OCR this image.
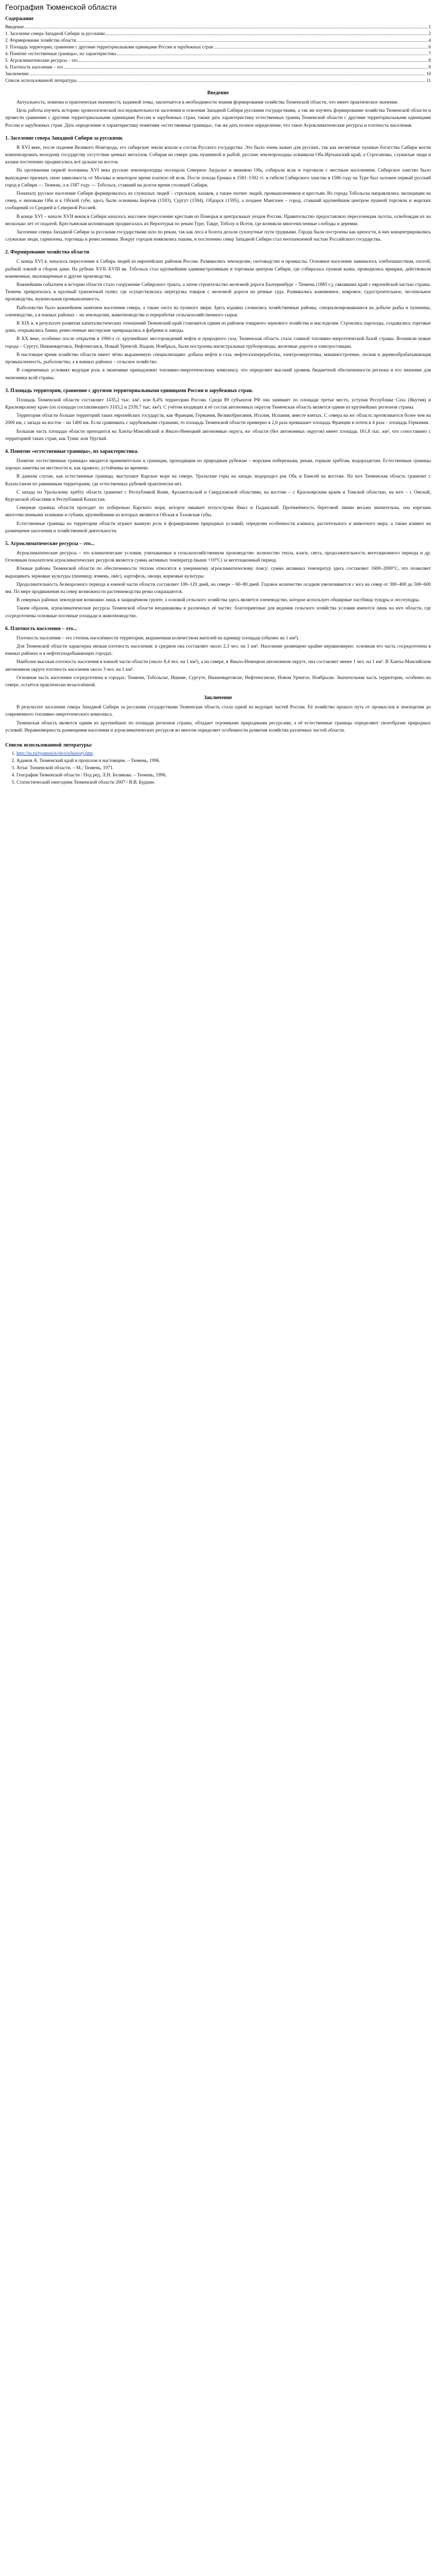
География Тюменской области
Содержание
Введение	1
1. Заселение севера Западной Сибири за русскими	2
2. Формирование хозяйства области	4
3. Площадь территории, сравнение с другими территориальными единицами России и зарубежных стран	6
4. Понятие «естественные границы», их характеристика	7
5. Агроклиматические ресурсы – это	8
6. Плотность населения – это	9
Заключение	10
Список использованной литературы	11
Введение

Актуальность, новизна и практическая значимость заданной темы, заключается в необходимости знания формирования хозяйства Тюменской области, что имеет практическое значение.

Цель работы изучить историю хронологической последовательности заселения и освоения Западной Сибири русскими государствами, а так же изучить формирование хозяйства Тюменской области и провести сравнение с другими территориальными единицами России и зарубежных стран, также дать характеристику естественных границ Тюменской области с другими территориальными единицами России и зарубежных стран. Дать определение и характеристику понятиям «естественные границы», так же дать полное определение, что такое Агроклиматические ресурсы и плотность населения.

1. Заселение севера Западной Сибири за русскими.

В XVI веке, после падения Великого Новгорода, его сибирские земли вошли в состав Русского государства. Это было очень важно для русских, так как несметные пушные богатства Сибири могли компенсировать молодому государству отсутствие ценных металлов. Собирая на севере дань пушниной и рыбой, русские землепроходцы осваивали Обь-Иртышский край, а Строгановы, служилые люди и казаки постепенно продвигались всё дальше на восток.

На протяжении первой половины XVI века русские землепроходцы посещали Северное Зауралье и нижнюю Обь, собирали ясак и торговали с местным населением. Сибирское ханство было вынуждено признать свою зависимость от Москвы и некоторое время платило ей ясак. После похода Ермака в 1581–1582 гг. и гибели Сибирского ханства в 1586 году на Туре был заложен первый русский город в Сибири — Тюмень, а в 1587 году — Тобольск, ставший на долгое время столицей Сибири.

Поначалу русское население Сибири формировалось из служилых людей – стрельцов, казаков, а также охочих людей, промышленников и крестьян. Из города Тобольска направлялись экспедиции на север, к низовьям Оби и к Обской губе; здесь были основаны Берёзов (1593), Сургут (1594), Обдорск (1595), а позднее Мангазея – город, ставший крупнейшим центром пушной торговли и морских сообщений со Средней и Северной Россией.

В конце XVI – начале XVII веков в Сибири началось массовое переселение крестьян из Поморья и центральных уездов России. Правительство предоставляло переселенцам льготы, освобождая их на несколько лет от податей. Крестьянская колонизация продвигалась из Верхотурья по рекам Туре, Тавде, Тоболу и Исети, где возникли многочисленные слободы и деревни.

Заселение севера Западной Сибири за русскими государствами шло по рекам, так как леса и болота делали сухопутные пути трудными. Города были построены как крепости, в них концентрировались служилые люди, гарнизоны, торговцы и ремесленники. Вокруг городов появлялись пашни, и постепенно север Западной Сибири стал неотъемлемой частью Российского государства.

2. Формирование хозяйства области

С конца XVI в. началось переселение в Сибирь людей из европейских районов России. Развивались земледелие, скотоводство и промыслы. Основное население занималось хлебопашеством, охотой, рыбной ловлей и сбором дани. На рубеже XVII–XVIII вв. Тобольск стал крупнейшим административным и торговым центром Сибири, где собиралась пушная казна, проводились ярмарки, действовали кожевенные, мыловаренные и другие производства.

Важнейшим событием в истории области стало сооружение Сибирского тракта, а затем строительство железной дороги Екатеринбург – Тюмень (1885 г.), связавших край с европейской частью страны. Тюмень превратилась в крупный транзитный пункт, где осуществлялась перегрузка товаров с железной дороги на речные суда. Развивались кожевенное, ковровое, судостроительное, лесопильное производства, мукомольная промышленность.

Рыболовство было важнейшим занятием населения севера, а также охота на пушного зверя. Здесь издавна сложились хозяйственные районы, специализировавшиеся на добыче рыбы и пушнины, оленеводстве, а в южных районах – на земледелии, животноводстве и переработке сельскохозяйственного сырья.

В XIX в. в результате развития капиталистических отношений Тюменский край становится одним из районов товарного зернового хозяйства и маслоделия. Строились пароходы, создавались торговые дома, открывались банки, ремесленные мастерские превращались в фабрики и заводы.

В XX веке, особенно после открытия в 1960-х гг. крупнейших месторождений нефти и природного газа, Тюменская область стала главной топливно-энергетической базой страны. Возникли новые города – Сургут, Нижневартовск, Нефтеюганск, Новый Уренгой, Надым, Ноябрьск, были построены магистральные трубопроводы, железные дороги и электростанции.

В настоящее время хозяйство области имеет чётко выраженную специализацию: добыча нефти и газа, нефтегазопереработка, электроэнергетика, машиностроение, лесная и деревообрабатывающая промышленность, рыболовство, а в южных районах – сельское хозяйство.

В современных условиях ведущая роль в экономике принадлежит топливно-энергетическому комплексу, что определяет высокий уровень бюджетной обеспеченности региона и его значение для экономики всей страны.

3. Площадь территории, сравнение с другими территориальными единицами России и зарубежных стран.

Площадь Тюменской области составляет 1435,2 тыс. км², или 8,4% территории России. Среди 89 субъектов РФ она занимает по площади третье место, уступая Республике Саха (Якутия) и Красноярскому краю (по площади составляющего 3103,2 и 2339,7 тыс. км²). С учётом входящих в её состав автономных округов Тюменская область является одним из крупнейших регионов страны.

Территория области больше территорий таких европейских государств, как Франция, Германия, Великобритания, Италия, Испания, вместе взятых. С севера на юг область протягивается более чем на 2000 км, с запада на восток – на 1400 км. Если сравнивать с зарубежными странами, то площадь Тюменской области примерно в 2,6 раза превышает площадь Франции и почти в 4 раза – площадь Германии.

Большая часть площади области приходится на Ханты-Мансийский и Ямало-Ненецкий автономные округа, юг области (без автономных округов) имеет площадь 161,8 тыс. км², что сопоставимо с территорией таких стран, как Тунис или Уругвай.

4. Понятие «естественные границы», их характеристика.

Понятие «естественные границы» вводится применительно к границам, проходящим по природным рубежам – морским побережьям, рекам, горным хребтам, водоразделам. Естественные границы хорошо заметны на местности и, как правило, устойчивы во времени.

В данном случае, как естественные границы, выступают Карское море на севере, Уральские горы на западе, водораздел рек Обь и Енисей на востоке. На юге Тюменская область граничит с Казахстаном по равнинным территориям, где естественных рубежей практически нет.

С запада по Уральскому хребту область граничит с Республикой Коми, Архангельской и Свердловской областями, на востоке – с Красноярским краем и Томской областью, на юге – с Омской, Курганской областями и Республикой Казахстан.

Северная граница области проходит по побережью Карского моря, которое омывает полуострова Ямал и Гыданский. Протяжённость береговой линии весьма значительна, она изрезана многочисленными заливами и губами, крупнейшими из которых являются Обская и Тазовская губы.

Естественные границы на территории области играют важную роль в формировании природных условий, определяя особенности климата, растительного и животного мира, а также влияют на размещение населения и хозяйственной деятельности.

5. Агроклиматические ресурсы – это...

Агроклиматические ресурсы – это климатические условия, учитываемые в сельскохозяйственном производстве: количество тепла, влаги, света, продолжительность вегетационного периода и др. Основным показателем агроклиматических ресурсов является сумма активных температур (выше +10°С) за вегетационный период.

Южные районы Тюменской области по обеспеченности теплом относятся к умеренному агроклиматическому поясу: сумма активных температур здесь составляет 1600–2000°С, что позволяет выращивать зерновые культуры (пшеницу, ячмень, овёс), картофель, овощи, кормовые культуры.

Продолжительность безморозного периода в южной части области составляет 100–120 дней, на севере – 60–80 дней. Годовое количество осадков увеличивается с юга на север от 300–400 до 500–600 мм. По мере продвижения на север возможности растениеводства резко сокращаются.

В северных районах земледелие возможно лишь в защищённом грунте, а основой сельского хозяйства здесь является оленеводство, которое использует обширные пастбища тундры и лесотундры.

Таким образом, агроклиматические ресурсы Тюменской области неодинаковы в различных её частях: благоприятные для ведения сельского хозяйства условия имеются лишь на юге области, где сосредоточены основные посевные площади и животноводство.

6. Плотность населения – это...

Плотность населения – это степень населённости территории, выраженная количеством жителей на единицу площади (обычно на 1 км²).

Для Тюменской области характерна низкая плотность населения: в среднем она составляет около 2,3 чел. на 1 км². Население размещено крайне неравномерно: основная его часть сосредоточена в южных районах и в нефтегазодобывающих городах.

Наиболее высокая плотность населения в южной части области (около 8,4 чел. на 1 км²), а на севере, в Ямало-Ненецком автономном округе, она составляет менее 1 чел. на 1 км². В Ханты-Мансийском автономном округе плотность населения около 3 чел. на 1 км².

Основная часть населения сосредоточена в городах: Тюмени, Тобольске, Ишиме, Сургуте, Нижневартовске, Нефтеюганске, Новом Уренгое, Ноябрьске. Значительная часть территории, особенно на севере, остаётся практически незаселённой.

Заключение

В результате заселения севера Западной Сибири за русскими государствами Тюменская область стала одной из ведущих частей России. Её хозяйство прошло путь от промыслов и земледелия до современного топливно-энергетического комплекса.

Тюменская область является одним из крупнейших по площади регионов страны, обладает огромными природными ресурсами, а её естественные границы определяют своеобразие природных условий. Неравномерность размещения населения и агроклиматических ресурсов во многом определяет особенности развития хозяйства различных частей области.

Список использованной литературы:
1. http://tu.ru/tyumen/n/ob/s/n/history.htm
2. Адамов А. Тюменский край в прошлом и настоящем. – Тюмень, 1996.
3. Атлас Тюменской области. – М.; Тюмень, 1971.
4. География Тюменской области / Под ред. Л.Н. Белякова. – Тюмень, 1996.
5. Статистический ежегодник Тюменской области 2007 / В.В. Будкин.
